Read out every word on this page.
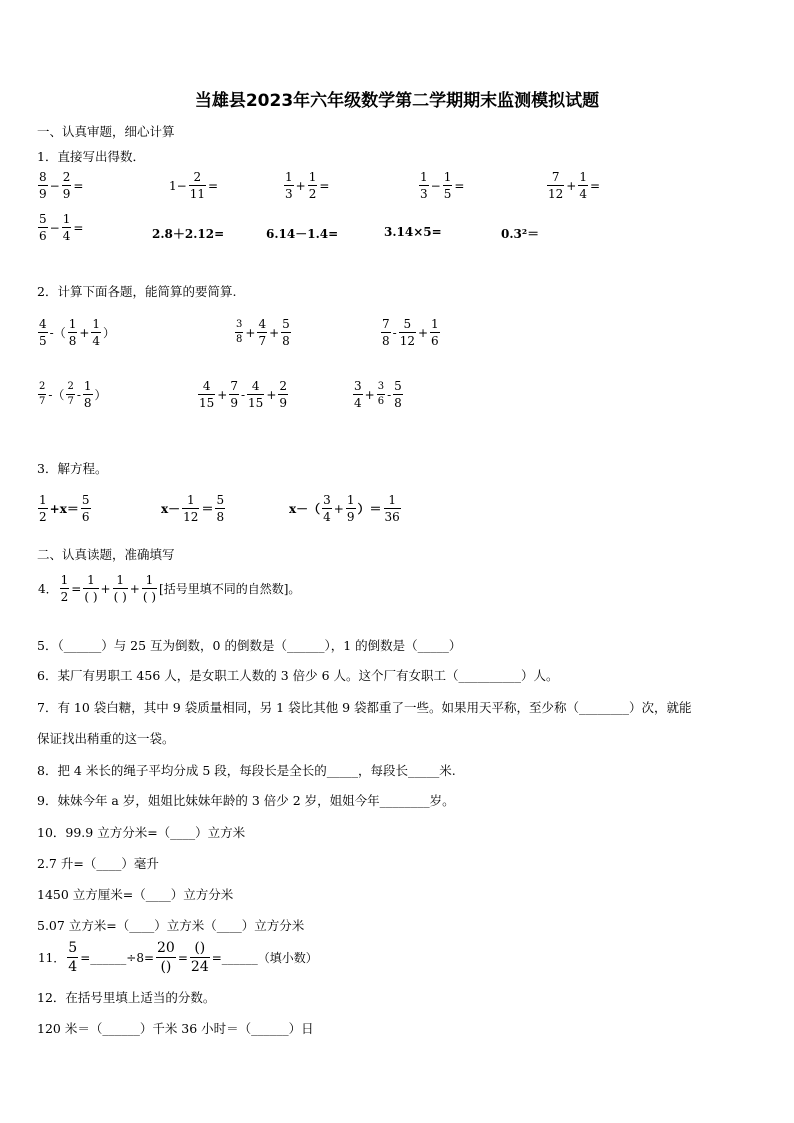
当雄县2023年六年级数学第二学期期末监测模拟试题
一、认真审题，细心计算
1．直接写出得数．
$\frac{8}{9} - \frac{2}{9}$ =	$1- \frac{2}{11}$ =	$\frac{1}{3} + \frac{1}{2}$ =	$\frac{1}{3} - \frac{1}{5}$ =	$\frac{7}{12} + \frac{1}{4}$ =
$\frac{5}{6} - \frac{1}{4}$ =	2.8＋2.12=	6.14－1.4=	3.14×5=	0.3²＝
2．计算下面各题，能简算的要简算.
$\frac{4}{5}$ -（ $\frac{1}{8} + \frac{1}{4}$ ）	$\frac{3}{8} + \frac{4}{7} + \frac{5}{8}$	$\frac{7}{8} - \frac{5}{12} + \frac{1}{6}$
$\frac{2}{7}$ -（ $\frac{2}{7} - \frac{1}{8}$ ）	$\frac{4}{15} + \frac{7}{9} - \frac{4}{15} + \frac{2}{9}$	$\frac{3}{4} + \frac{3}{6} - \frac{5}{8}$
3．解方程。
$\frac{1}{2} +x= \frac{5}{6}$	$x- \frac{1}{12} = \frac{5}{8}$	$x-( \frac{3}{4} + \frac{1}{9}$ ）＝ $\frac{1}{36}$
二、认真读题，准确填写
4． $\frac{1}{2} = \frac{1}{( )} + \frac{1}{( )} + \frac{1}{( )}$ [括号里填不同的自然数]。
5．（______）与 25 互为倒数，0 的倒数是（______），1 的倒数是（_____）
6．某厂有男职工 456 人，是女职工人数的 3 倍少 6 人。这个厂有女职工（__________）人。
7．有 10 袋白糖，其中 9 袋质量相同，另 1 袋比其他 9 袋都重了一些。如果用天平称，至少称（________）次，就能
保证找出稍重的这一袋。
8．把 4 米长的绳子平均分成 5 段，每段长是全长的_____，每段长_____米.
9．妹妹今年 a 岁，姐姐比妹妹年龄的 3 倍少 2 岁，姐姐今年________岁。
10．99.9 立方分米=（____）立方米
2.7 升=（____）毫升
1450 立方厘米=（____）立方分米
5.07 立方米=（____）立方米（____）立方分米
11． $\frac{5}{4}$ =______÷8= $\frac{20}{()} = \frac{()}{24}$ =______（填小数）
12．在括号里填上适当的分数。
120 米＝（______）千米 36 小时＝（______）日
